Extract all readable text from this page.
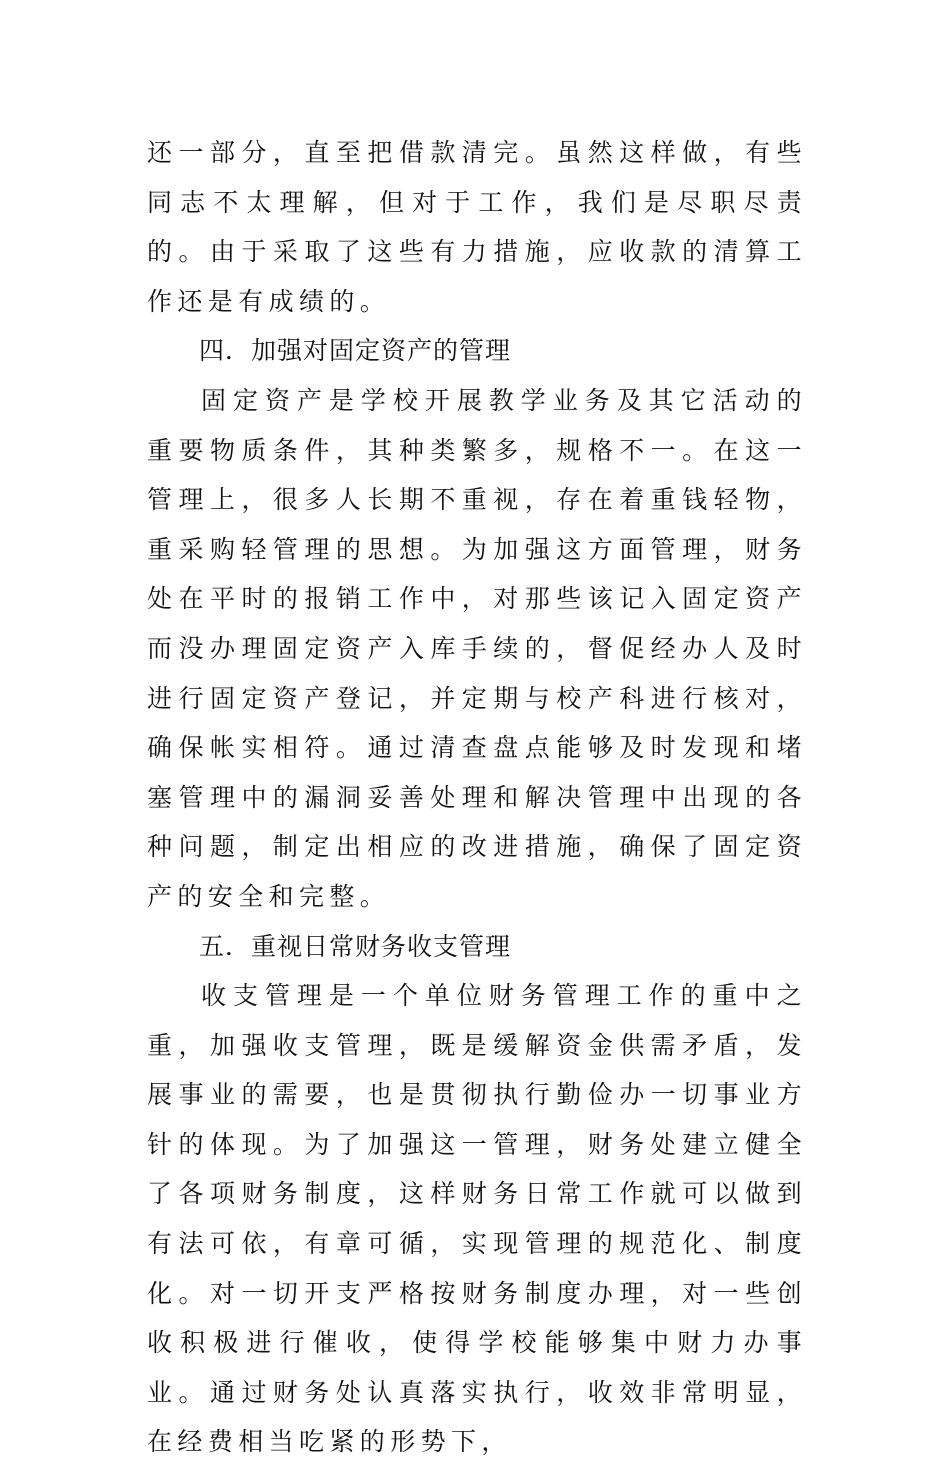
还一部分，直至把借款清完。虽然这样做，有些同志不太理解，但对于工作，我们是尽职尽责的。由于采取了这些有力措施，应收款的清算工作还是有成绩的。

四．加强对固定资产的管理

固定资产是学校开展教学业务及其它活动的重要物质条件，其种类繁多，规格不一。在这一管理上，很多人长期不重视，存在着重钱轻物，重采购轻管理的思想。为加强这方面管理，财务处在平时的报销工作中，对那些该记入固定资产而没办理固定资产入库手续的，督促经办人及时进行固定资产登记，并定期与校产科进行核对，确保帐实相符。通过清查盘点能够及时发现和堵塞管理中的漏洞妥善处理和解决管理中出现的各种问题，制定出相应的改进措施，确保了固定资产的安全和完整。

五．重视日常财务收支管理

收支管理是一个单位财务管理工作的重中之重，加强收支管理，既是缓解资金供需矛盾，发展事业的需要，也是贯彻执行勤俭办一切事业方针的体现。为了加强这一管理，财务处建立健全了各项财务制度，这样财务日常工作就可以做到有法可依，有章可循，实现管理的规范化、制度化。对一切开支严格按财务制度办理，对一些创收积极进行催收，使得学校能够集中财力办事业。通过财务处认真落实执行，收效非常明显，在经费相当吃紧的形势下，
